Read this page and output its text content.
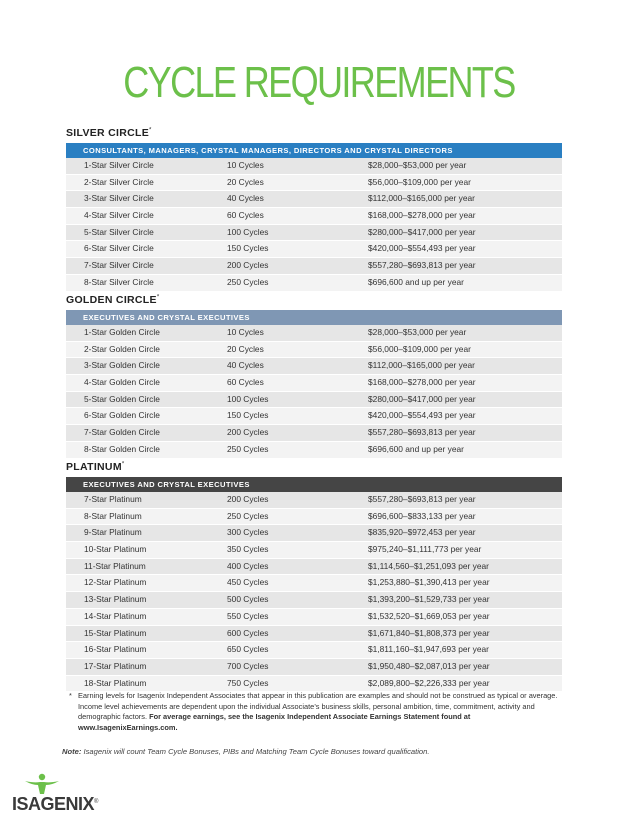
CYCLE REQUIREMENTS
SILVER CIRCLE*
CONSULTANTS, MANAGERS, CRYSTAL MANAGERS, DIRECTORS AND CRYSTAL DIRECTORS
1-Star Silver Circle	10 Cycles	$28,000–$53,000 per year
2-Star Silver Circle	20 Cycles	$56,000–$109,000 per year
3-Star Silver Circle	40 Cycles	$112,000–$165,000 per year
4-Star Silver Circle	60 Cycles	$168,000–$278,000 per year
5-Star Silver Circle	100 Cycles	$280,000–$417,000 per year
6-Star Silver Circle	150 Cycles	$420,000–$554,493 per year
7-Star Silver Circle	200 Cycles	$557,280–$693,813 per year
8-Star Silver Circle	250 Cycles	$696,600 and up per year
GOLDEN CIRCLE*
EXECUTIVES AND CRYSTAL EXECUTIVES
1-Star Golden Circle	10 Cycles	$28,000–$53,000 per year
2-Star Golden Circle	20 Cycles	$56,000–$109,000 per year
3-Star Golden Circle	40 Cycles	$112,000–$165,000 per year
4-Star Golden Circle	60 Cycles	$168,000–$278,000 per year
5-Star Golden Circle	100 Cycles	$280,000–$417,000 per year
6-Star Golden Circle	150 Cycles	$420,000–$554,493 per year
7-Star Golden Circle	200 Cycles	$557,280–$693,813 per year
8-Star Golden Circle	250 Cycles	$696,600 and up per year
PLATINUM*
EXECUTIVES AND CRYSTAL EXECUTIVES
7-Star Platinum	200 Cycles	$557,280–$693,813 per year
8-Star Platinum	250 Cycles	$696,600–$833,133 per year
9-Star Platinum	300 Cycles	$835,920–$972,453 per year
10-Star Platinum	350 Cycles	$975,240–$1,111,773 per year
11-Star Platinum	400 Cycles	$1,114,560–$1,251,093 per year
12-Star Platinum	450 Cycles	$1,253,880–$1,390,413 per year
13-Star Platinum	500 Cycles	$1,393,200–$1,529,733 per year
14-Star Platinum	550 Cycles	$1,532,520–$1,669,053 per year
15-Star Platinum	600 Cycles	$1,671,840–$1,808,373 per year
16-Star Platinum	650 Cycles	$1,811,160–$1,947,693 per year
17-Star Platinum	700 Cycles	$1,950,480–$2,087,013 per year
18-Star Platinum	750 Cycles	$2,089,800–$2,226,333 per year
* Earning levels for Isagenix Independent Associates that appear in this publication are examples and should not be construed as typical or average. Income level achievements are dependent upon the individual Associate’s business skills, personal ambition, time, commitment, activity and demographic factors. For average earnings, see the Isagenix Independent Associate Earnings Statement found at www.IsagenixEarnings.com.
Note: Isagenix will count Team Cycle Bonuses, PIBs and Matching Team Cycle Bonuses toward qualification.
ISAGENIX®
